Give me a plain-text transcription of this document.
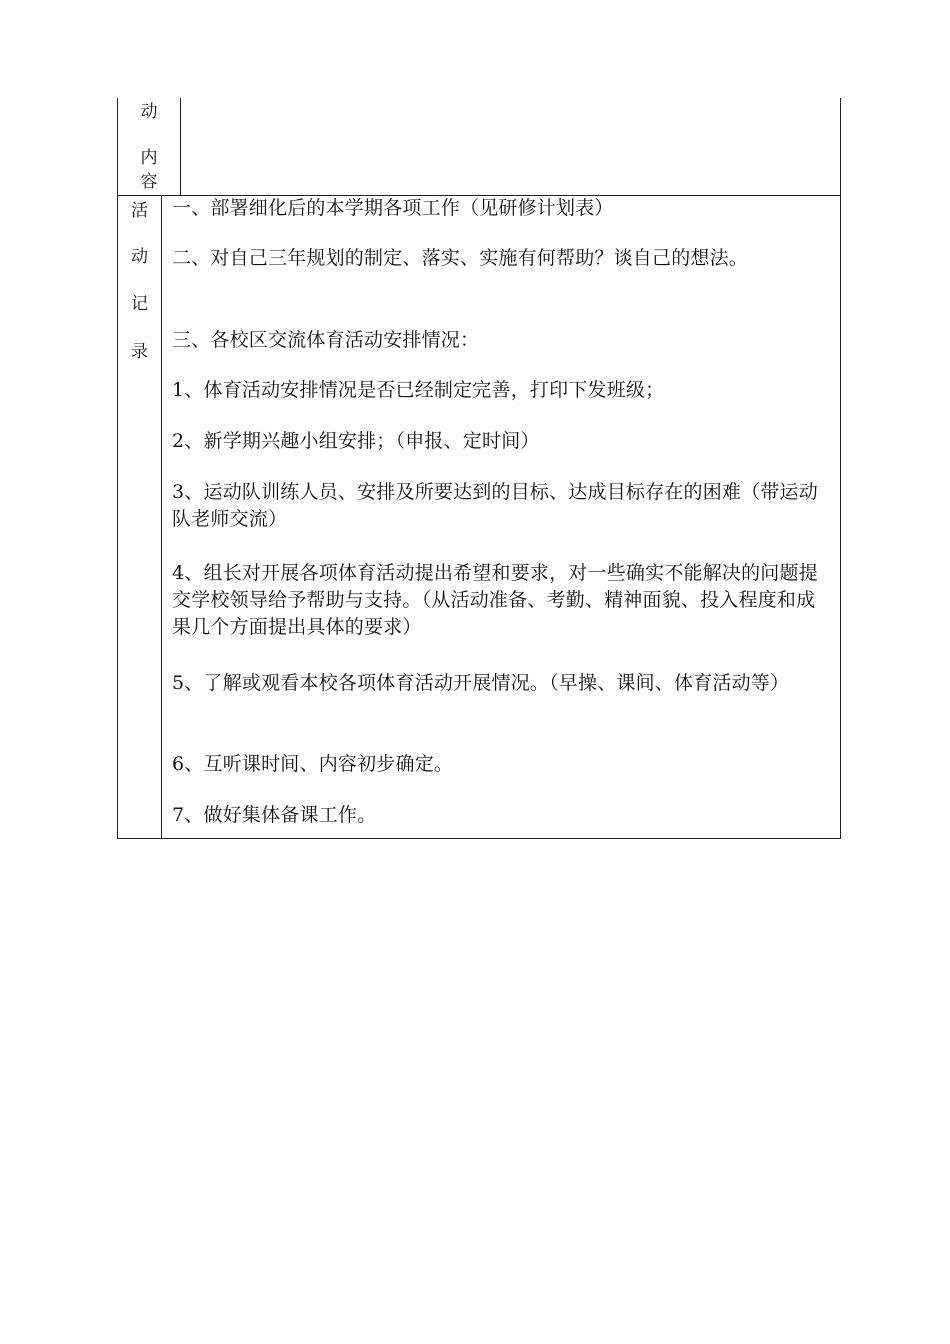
动
内
容
活
动
记
录
一、部署细化后的本学期各项工作（见研修计划表）
二、对自己三年规划的制定、落实、实施有何帮助？谈自己的想法。
三、各校区交流体育活动安排情况：
1、体育活动安排情况是否已经制定完善，打印下发班级；
2、新学期兴趣小组安排；（申报、定时间）
3、运动队训练人员、安排及所要达到的目标、达成目标存在的困难（带运动队老师交流）
4、组长对开展各项体育活动提出希望和要求，对一些确实不能解决的问题提交学校领导给予帮助与支持。（从活动准备、考勤、精神面貌、投入程度和成果几个方面提出具体的要求）
5、了解或观看本校各项体育活动开展情况。（早操、课间、体育活动等）
6、互听课时间、内容初步确定。
7、做好集体备课工作。
